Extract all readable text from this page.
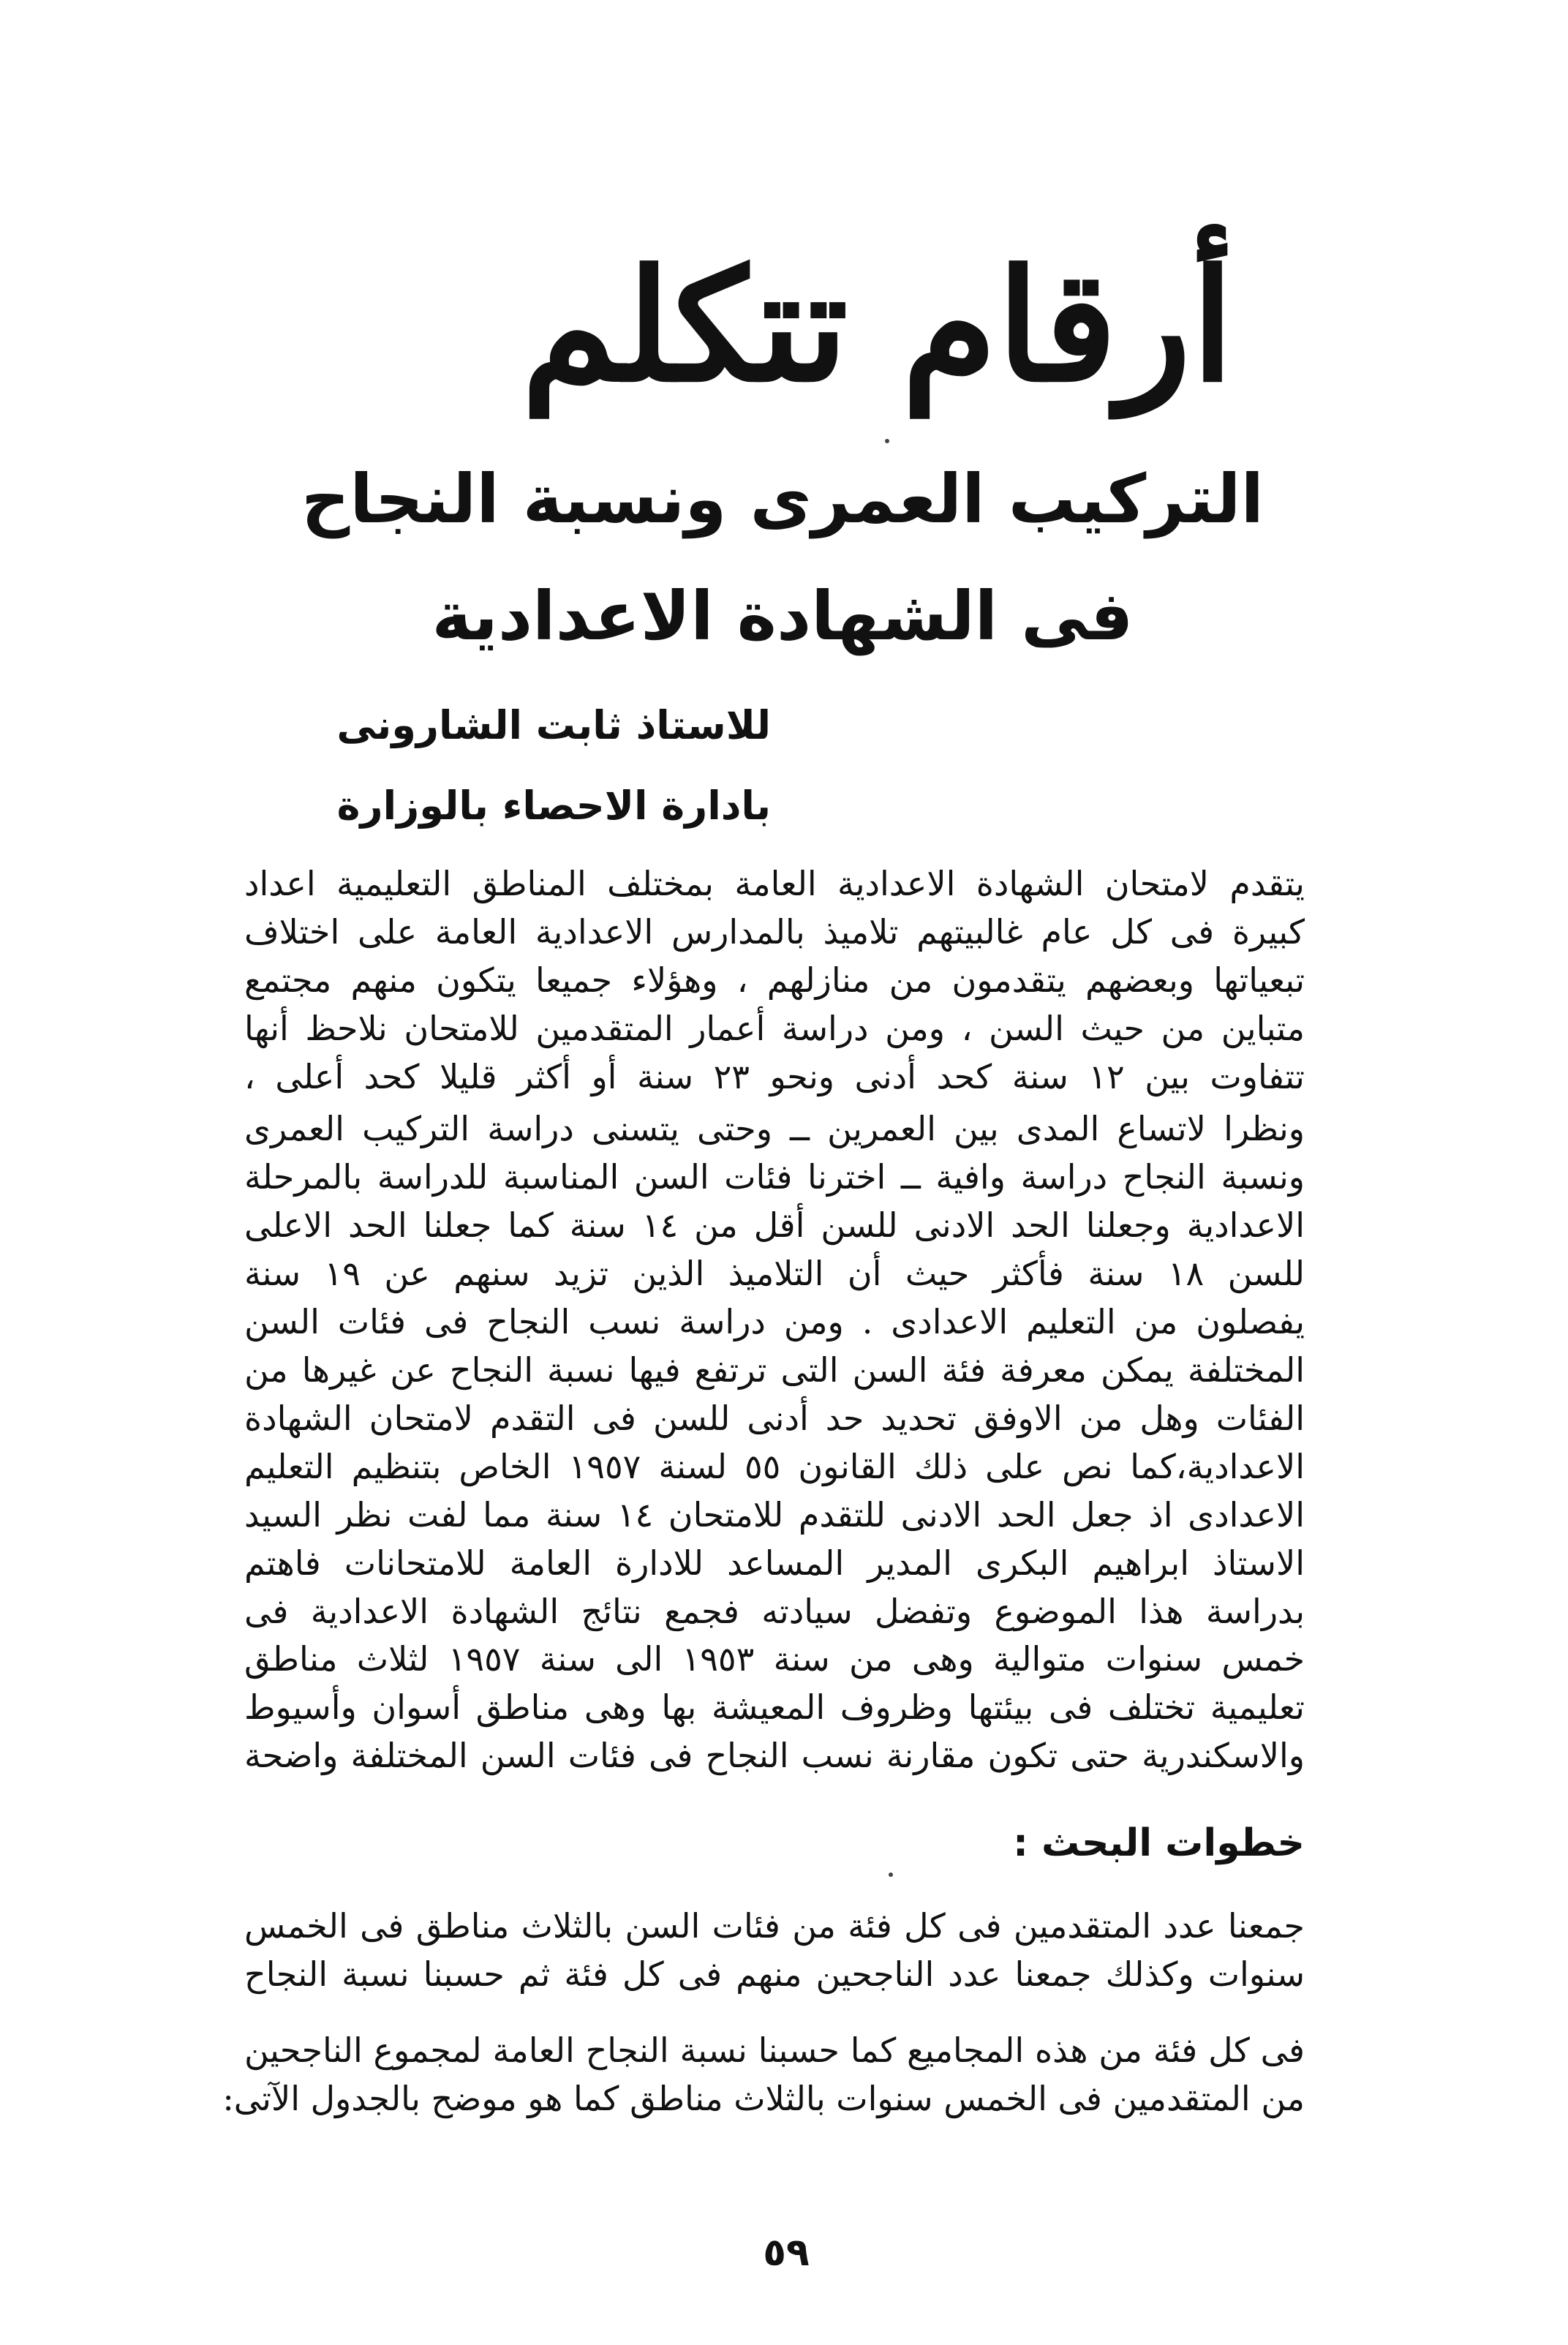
أرقام تتكلم
التركيب العمرى ونسبة النجاح
فى الشهادة الاعدادية
للاستاذ ثابت الشارونى
بادارة الاحصاء بالوزارة
يتقدم لامتحان الشهادة الاعدادية العامة بمختلف المناطق التعليمية اعداد
كبيرة فى كل عام غالبيتهم تلاميذ بالمدارس الاعدادية العامة على اختلاف
تبعياتها وبعضهم يتقدمون من منازلهم ، وهؤلاء جميعا يتكون منهم مجتمع
متباين من حيث السن ، ومن دراسة أعمار المتقدمين للامتحان نلاحظ أنها
تتفاوت بين ١٢ سنة كحد أدنى ونحو ٢٣ سنة أو أكثر قليلا كحد أعلى ،
ونظرا لاتساع المدى بين العمرين ــ وحتى يتسنى دراسة التركيب العمرى
ونسبة النجاح دراسة وافية ــ اخترنا فئات السن المناسبة للدراسة بالمرحلة
الاعدادية وجعلنا الحد الادنى للسن أقل من ١٤ سنة كما جعلنا الحد الاعلى
للسن ١٨ سنة فأكثر حيث أن التلاميذ الذين تزيد سنهم عن ١٩ سنة
يفصلون من التعليم الاعدادى . ومن دراسة نسب النجاح فى فئات السن
المختلفة يمكن معرفة فئة السن التى ترتفع فيها نسبة النجاح عن غيرها من
الفئات وهل من الاوفق تحديد حد أدنى للسن فى التقدم لامتحان الشهادة
الاعدادية،كما نص على ذلك القانون ٥٥ لسنة ١٩٥٧ الخاص بتنظيم التعليم
الاعدادى اذ جعل الحد الادنى للتقدم للامتحان ١٤ سنة مما لفت نظر السيد
الاستاذ ابراهيم البكرى المدير المساعد للادارة العامة للامتحانات فاهتم
بدراسة هذا الموضوع وتفضل سيادته فجمع نتائج الشهادة الاعدادية فى
خمس سنوات متوالية وهى من سنة ١٩٥٣ الى سنة ١٩٥٧ لثلاث مناطق
تعليمية تختلف فى بيئتها وظروف المعيشة بها وهى مناطق أسوان وأسيوط
والاسكندرية حتى تكون مقارنة نسب النجاح فى فئات السن المختلفة واضحة
خطوات البحث :
جمعنا عدد المتقدمين فى كل فئة من فئات السن بالثلاث مناطق فى الخمس
سنوات وكذلك جمعنا عدد الناجحين منهم فى كل فئة ثم حسبنا نسبة النجاح
فى كل فئة من هذه المجاميع كما حسبنا نسبة النجاح العامة لمجموع الناجحين
من المتقدمين فى الخمس سنوات بالثلاث مناطق كما هو موضح بالجدول الآتى:
٥٩
